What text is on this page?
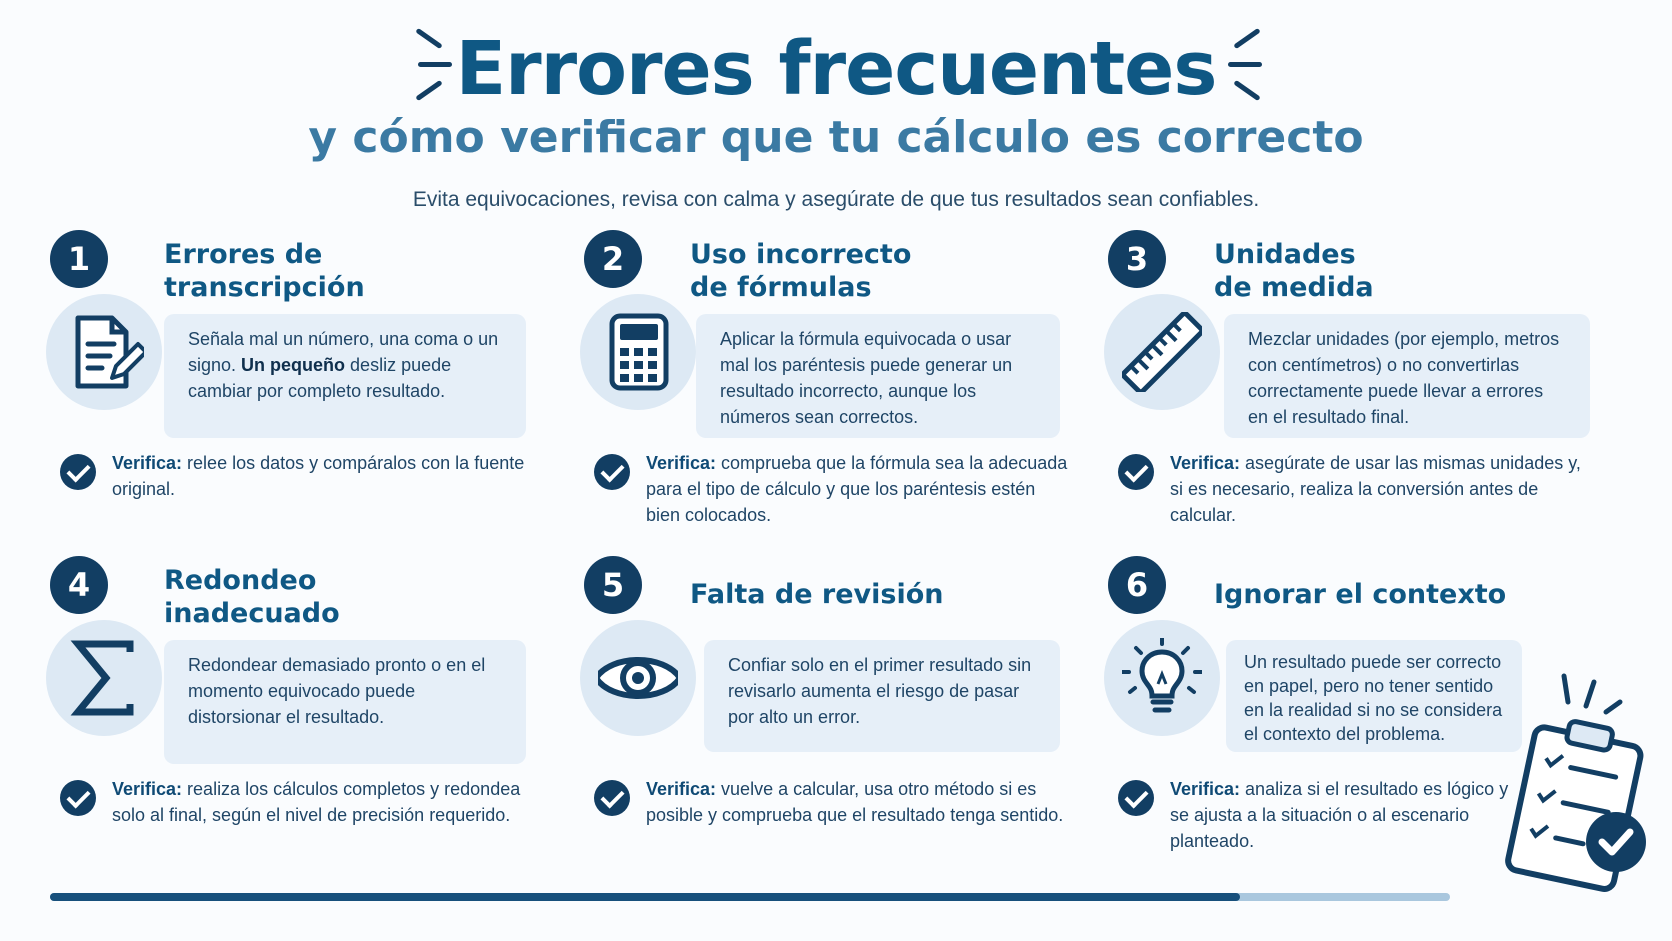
Errores frecuentes
y cómo verificar que tu cálculo es correcto

Evita equivocaciones, revisa con calma y asegúrate de que tus resultados sean confiables.

1	Errores de
transcripción
Señala mal un número, una coma o un signo. Un pequeño desliz puede cambiar por completo resultado.
Verifica: relee los datos y compáralos con la fuente original.
2	Uso incorrecto
de fórmulas
Aplicar la fórmula equivocada o usar mal los paréntesis puede generar un resultado incorrecto, aunque los números sean correctos.
Verifica: comprueba que la fórmula sea la adecuada para el tipo de cálculo y que los paréntesis estén bien colocados.
3	Unidades
de medida
Mezclar unidades (por ejemplo, metros con centímetros) o no convertirlas correctamente puede llevar a errores en el resultado final.
Verifica: asegúrate de usar las mismas unidades y, si es necesario, realiza la conversión antes de calcular.
4	Redondeo
inadecuado
Redondear demasiado pronto o en el momento equivocado puede distorsionar el resultado.
Verifica: realiza los cálculos completos y redondea solo al final, según el nivel de precisión requerido.
5	Falta de revisión
Confiar solo en el primer resultado sin revisarlo aumenta el riesgo de pasar por alto un error.
Verifica: vuelve a calcular, usa otro método si es posible y comprueba que el resultado tenga sentido.
6	Ignorar el contexto
Un resultado puede ser correcto en papel, pero no tener sentido en la realidad si no se considera el contexto del problema.
Verifica: analiza si el resultado es lógico y se ajusta a la situación o al escenario planteado.
